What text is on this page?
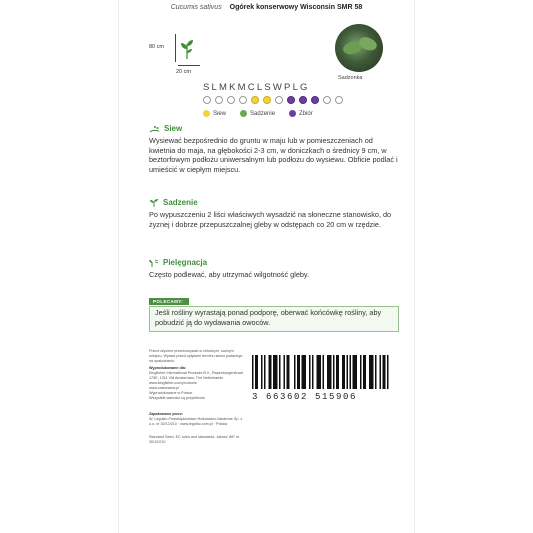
Cucumis sativus Ogórek konserwowy Wisconsin SMR 58
80 cm
20 cm
Sadzonka
SLMKMCLSWPLG
Siew	Sadzenie	Zbiór
Siew
Wysiewać bezpośrednio do gruntu w maju lub w pomieszczeniach od kwietnia do maja, na głębokości 2-3 cm, w doniczkach o średnicy 9 cm, w beztorfowym podłożu uniwersalnym lub podłożu do wysiewu. Obficie podlać i umieścić w ciepłym miejscu.
Sadzenie
Po wypuszczeniu 2 liści właściwych wysadzić na słoneczne stanowisko, do żyznej i dobrze przepuszczalnej gleby w odstępach co 20 cm w rzędzie.
Pielęgnacja
Często podlewać, aby utrzymać wilgotność gleby.
POLECAMY:
Jeśli rośliny wyrastają ponad podporę, oberwać końcówkę rośliny, aby pobudzić ją do wydawania owoców.
Przed użyciem przechowywać w chłodnym, suchym miejscu. Wysiać przed upływem terminu siewu podanego na opakowaniu.
Wyprodukowane dla:
Kingfisher International Products B.V., Rapenburgerstraat 175E, 1011 VM Amsterdam, The Netherlands
www.kingfisher.com/products
www.castorama.pl
Wyprodukowane w Polsce.
Wszystkie wartości są przybliżone.
Zapakowano przez:
W. Legutko Przedsiębiorstwo Hodowlano-Nasienne Sp. z o.o. nr 30/12/210 · www.legutko.com.pl · Polska
Standard Seed. EC rules and standards. Jakość WE nr 30/12/210
3 663602 515906
